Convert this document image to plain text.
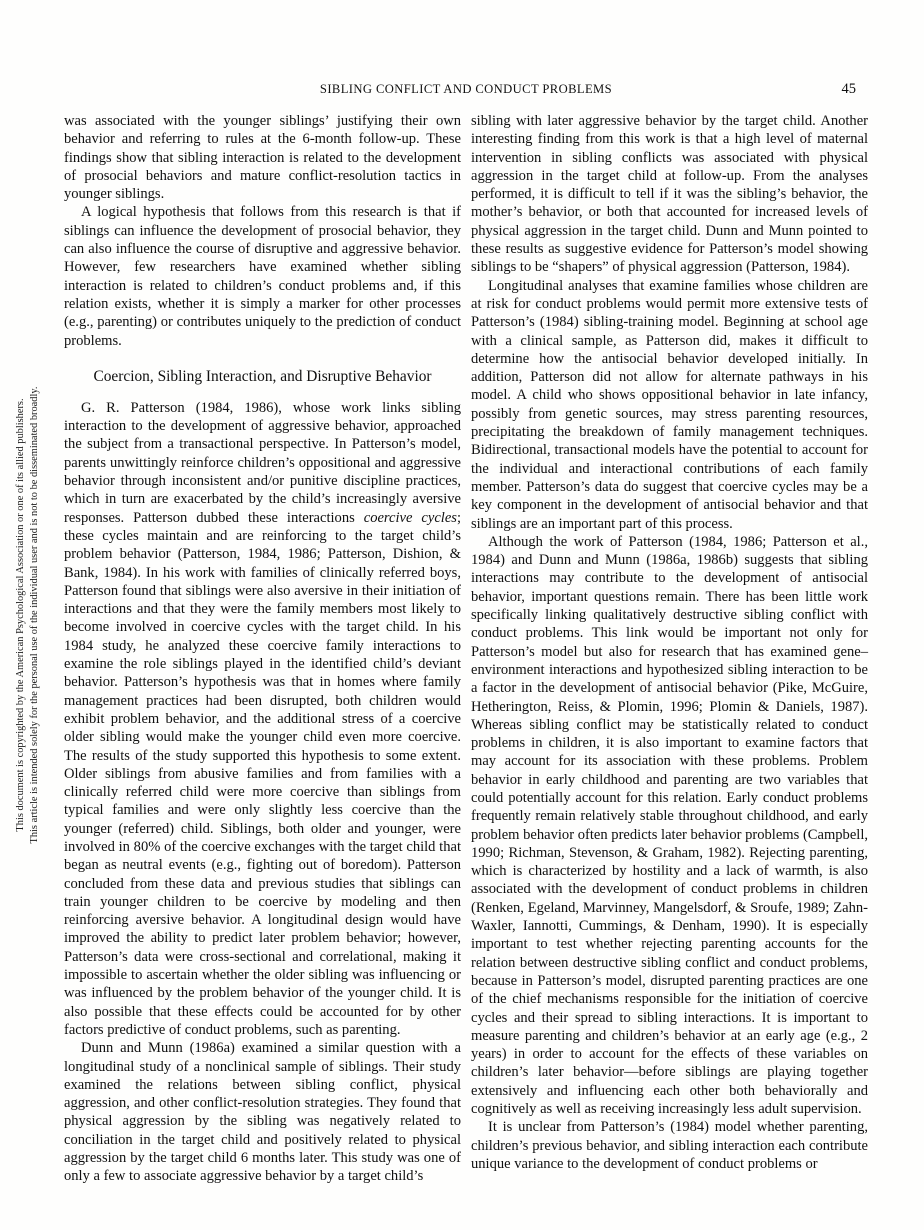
SIBLING CONFLICT AND CONDUCT PROBLEMS	45
This document is copyrighted by the American Psychological Association or one of its allied publishers. This article is intended solely for the personal use of the individual user and is not to be disseminated broadly.

was associated with the younger siblings’ justifying their own behavior and referring to rules at the 6-month follow-up. These findings show that sibling interaction is related to the development of prosocial behaviors and mature conflict-resolution tactics in younger siblings.

A logical hypothesis that follows from this research is that if siblings can influence the development of prosocial behavior, they can also influence the course of disruptive and aggressive behavior. However, few researchers have examined whether sibling interaction is related to children’s conduct problems and, if this relation exists, whether it is simply a marker for other processes (e.g., parenting) or contributes uniquely to the prediction of conduct problems.

Coercion, Sibling Interaction, and Disruptive Behavior

G. R. Patterson (1984, 1986), whose work links sibling interaction to the development of aggressive behavior, approached the subject from a transactional perspective. In Patterson’s model, parents unwittingly reinforce children’s oppositional and aggressive behavior through inconsistent and/or punitive discipline practices, which in turn are exacerbated by the child’s increasingly aversive responses. Patterson dubbed these interactions coercive cycles; these cycles maintain and are reinforcing to the target child’s problem behavior (Patterson, 1984, 1986; Patterson, Dishion, & Bank, 1984). In his work with families of clinically referred boys, Patterson found that siblings were also aversive in their initiation of interactions and that they were the family members most likely to become involved in coercive cycles with the target child. In his 1984 study, he analyzed these coercive family interactions to examine the role siblings played in the identified child’s deviant behavior. Patterson’s hypothesis was that in homes where family management practices had been disrupted, both children would exhibit problem behavior, and the additional stress of a coercive older sibling would make the younger child even more coercive. The results of the study supported this hypothesis to some extent. Older siblings from abusive families and from families with a clinically referred child were more coercive than siblings from typical families and were only slightly less coercive than the younger (referred) child. Siblings, both older and younger, were involved in 80% of the coercive exchanges with the target child that began as neutral events (e.g., fighting out of boredom). Patterson concluded from these data and previous studies that siblings can train younger children to be coercive by modeling and then reinforcing aversive behavior. A longitudinal design would have improved the ability to predict later problem behavior; however, Patterson’s data were cross-sectional and correlational, making it impossible to ascertain whether the older sibling was influencing or was influenced by the problem behavior of the younger child. It is also possible that these effects could be accounted for by other factors predictive of conduct problems, such as parenting.

Dunn and Munn (1986a) examined a similar question with a longitudinal study of a nonclinical sample of siblings. Their study examined the relations between sibling conflict, physical aggression, and other conflict-resolution strategies. They found that physical aggression by the sibling was negatively related to conciliation in the target child and positively related to physical aggression by the target child 6 months later. This study was one of only a few to associate aggressive behavior by a target child’s

sibling with later aggressive behavior by the target child. Another interesting finding from this work is that a high level of maternal intervention in sibling conflicts was associated with physical aggression in the target child at follow-up. From the analyses performed, it is difficult to tell if it was the sibling’s behavior, the mother’s behavior, or both that accounted for increased levels of physical aggression in the target child. Dunn and Munn pointed to these results as suggestive evidence for Patterson’s model showing siblings to be “shapers” of physical aggression (Patterson, 1984).

Longitudinal analyses that examine families whose children are at risk for conduct problems would permit more extensive tests of Patterson’s (1984) sibling-training model. Beginning at school age with a clinical sample, as Patterson did, makes it difficult to determine how the antisocial behavior developed initially. In addition, Patterson did not allow for alternate pathways in his model. A child who shows oppositional behavior in late infancy, possibly from genetic sources, may stress parenting resources, precipitating the breakdown of family management techniques. Bidirectional, transactional models have the potential to account for the individual and interactional contributions of each family member. Patterson’s data do suggest that coercive cycles may be a key component in the development of antisocial behavior and that siblings are an important part of this process.

Although the work of Patterson (1984, 1986; Patterson et al., 1984) and Dunn and Munn (1986a, 1986b) suggests that sibling interactions may contribute to the development of antisocial behavior, important questions remain. There has been little work specifically linking qualitatively destructive sibling conflict with conduct problems. This link would be important not only for Patterson’s model but also for research that has examined gene–environment interactions and hypothesized sibling interaction to be a factor in the development of antisocial behavior (Pike, McGuire, Hetherington, Reiss, & Plomin, 1996; Plomin & Daniels, 1987). Whereas sibling conflict may be statistically related to conduct problems in children, it is also important to examine factors that may account for its association with these problems. Problem behavior in early childhood and parenting are two variables that could potentially account for this relation. Early conduct problems frequently remain relatively stable throughout childhood, and early problem behavior often predicts later behavior problems (Campbell, 1990; Richman, Stevenson, & Graham, 1982). Rejecting parenting, which is characterized by hostility and a lack of warmth, is also associated with the development of conduct problems in children (Renken, Egeland, Marvinney, Mangelsdorf, & Sroufe, 1989; Zahn-Waxler, Iannotti, Cummings, & Denham, 1990). It is especially important to test whether rejecting parenting accounts for the relation between destructive sibling conflict and conduct problems, because in Patterson’s model, disrupted parenting practices are one of the chief mechanisms responsible for the initiation of coercive cycles and their spread to sibling interactions. It is important to measure parenting and children’s behavior at an early age (e.g., 2 years) in order to account for the effects of these variables on children’s later behavior—before siblings are playing together extensively and influencing each other both behaviorally and cognitively as well as receiving increasingly less adult supervision.

It is unclear from Patterson’s (1984) model whether parenting, children’s previous behavior, and sibling interaction each contribute unique variance to the development of conduct problems or
